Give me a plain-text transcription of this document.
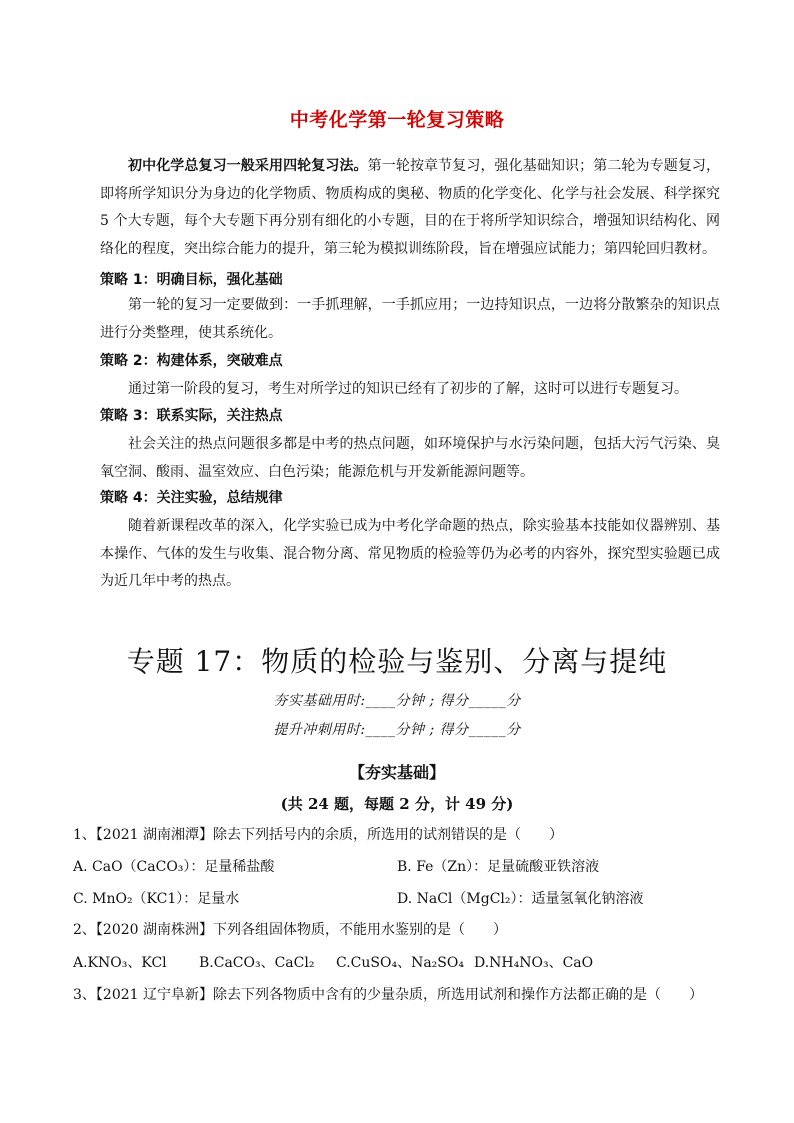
中考化学第一轮复习策略
初中化学总复习一般采用四轮复习法。第一轮按章节复习，强化基础知识；第二轮为专题复习，即将所学知识分为身边的化学物质、物质构成的奥秘、物质的化学变化、化学与社会发展、科学探究 5 个大专题，每个大专题下再分别有细化的小专题，目的在于将所学知识综合，增强知识结构化、网络化的程度，突出综合能力的提升，第三轮为模拟训练阶段，旨在增强应试能力；第四轮回归教材。
策略 1：明确目标，强化基础
第一轮的复习一定要做到：一手抓理解，一手抓应用；一边持知识点，一边将分散繁杂的知识点进行分类整理，使其系统化。
策略 2：构建体系，突破难点
通过第一阶段的复习，考生对所学过的知识已经有了初步的了解，这时可以进行专题复习。
策略 3：联系实际，关注热点
社会关注的热点问题很多都是中考的热点问题，如环境保护与水污染问题，包括大污气污染、臭氧空洞、酸雨、温室效应、白色污染；能源危机与开发新能源问题等。
策略 4：关注实验，总结规律
随着新课程改革的深入，化学实验已成为中考化学命题的热点，除实验基本技能如仪器辨别、基本操作、气体的发生与收集、混合物分离、常见物质的检验等仍为必考的内容外，探究型实验题已成为近几年中考的热点。
专题 17：物质的检验与鉴别、分离与提纯
夯实基础用时:____分钟 ; 得分_____分
提升冲刺用时:____分钟 ; 得分_____分
【夯实基础】
(共 24 题，每题 2 分，计 49 分)
1、【2021 湖南湘潭】除去下列括号内的余质，所选用的试剂错误的是（　　）
A. CaO（CaCO₃）：足量稀盐酸	B. Fe（Zn）：足量硫酸亚铁溶液
C. MnO₂（KC1）：足量水	D. NaCl（MgCl₂）：适量氢氧化钠溶液
2、【2020 湖南株洲】下列各组固体物质，不能用水鉴别的是（　　）
A.KNO₃、KCl B.CaCO₃、CaCl₂ C.CuSO₄、Na₂SO₄ D.NH₄NO₃、CaO
3、【2021 辽宁阜新】除去下列各物质中含有的少量杂质，所选用试剂和操作方法都正确的是（　　）
